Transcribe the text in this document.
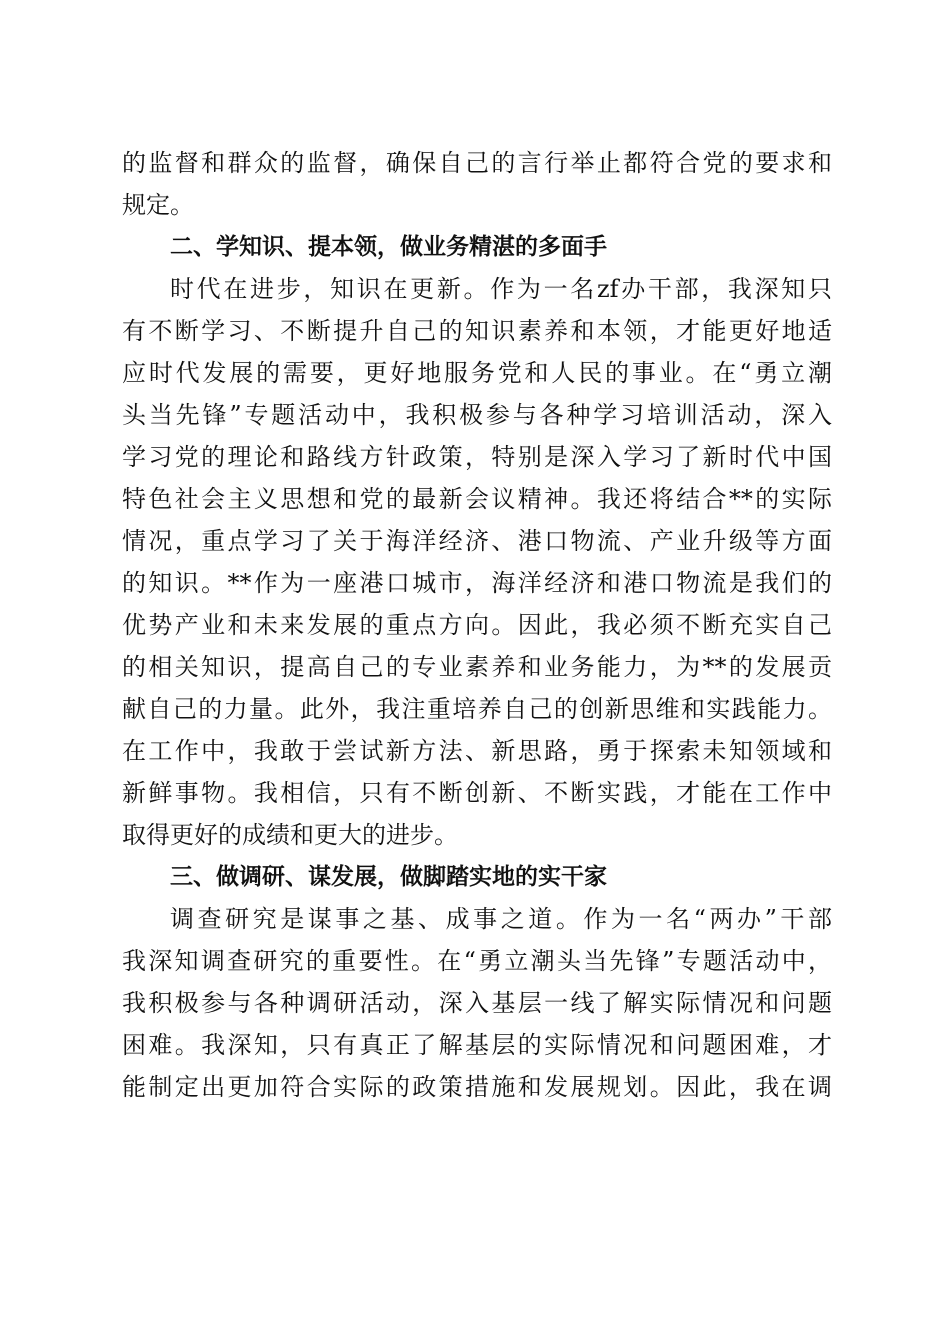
的监督和群众的监督，确保自己的言行举止都符合党的要求和
规定。
二、学知识、提本领，做业务精湛的多面手
时代在进步，知识在更新。作为一名zf办干部，我深知只
有不断学习、不断提升自己的知识素养和本领，才能更好地适
应时代发展的需要，更好地服务党和人民的事业。在“勇立潮
头当先锋”专题活动中，我积极参与各种学习培训活动，深入
学习党的理论和路线方针政策，特别是深入学习了新时代中国
特色社会主义思想和党的最新会议精神。我还将结合**的实际
情况，重点学习了关于海洋经济、港口物流、产业升级等方面
的知识。**作为一座港口城市，海洋经济和港口物流是我们的
优势产业和未来发展的重点方向。因此，我必须不断充实自己
的相关知识，提高自己的专业素养和业务能力，为**的发展贡
献自己的力量。此外，我注重培养自己的创新思维和实践能力。
在工作中，我敢于尝试新方法、新思路，勇于探索未知领域和
新鲜事物。我相信，只有不断创新、不断实践，才能在工作中
取得更好的成绩和更大的进步。
三、做调研、谋发展，做脚踏实地的实干家
调查研究是谋事之基、成事之道。作为一名“两办”干部
我深知调查研究的重要性。在“勇立潮头当先锋”专题活动中，
我积极参与各种调研活动，深入基层一线了解实际情况和问题
困难。我深知，只有真正了解基层的实际情况和问题困难，才
能制定出更加符合实际的政策措施和发展规划。因此，我在调
